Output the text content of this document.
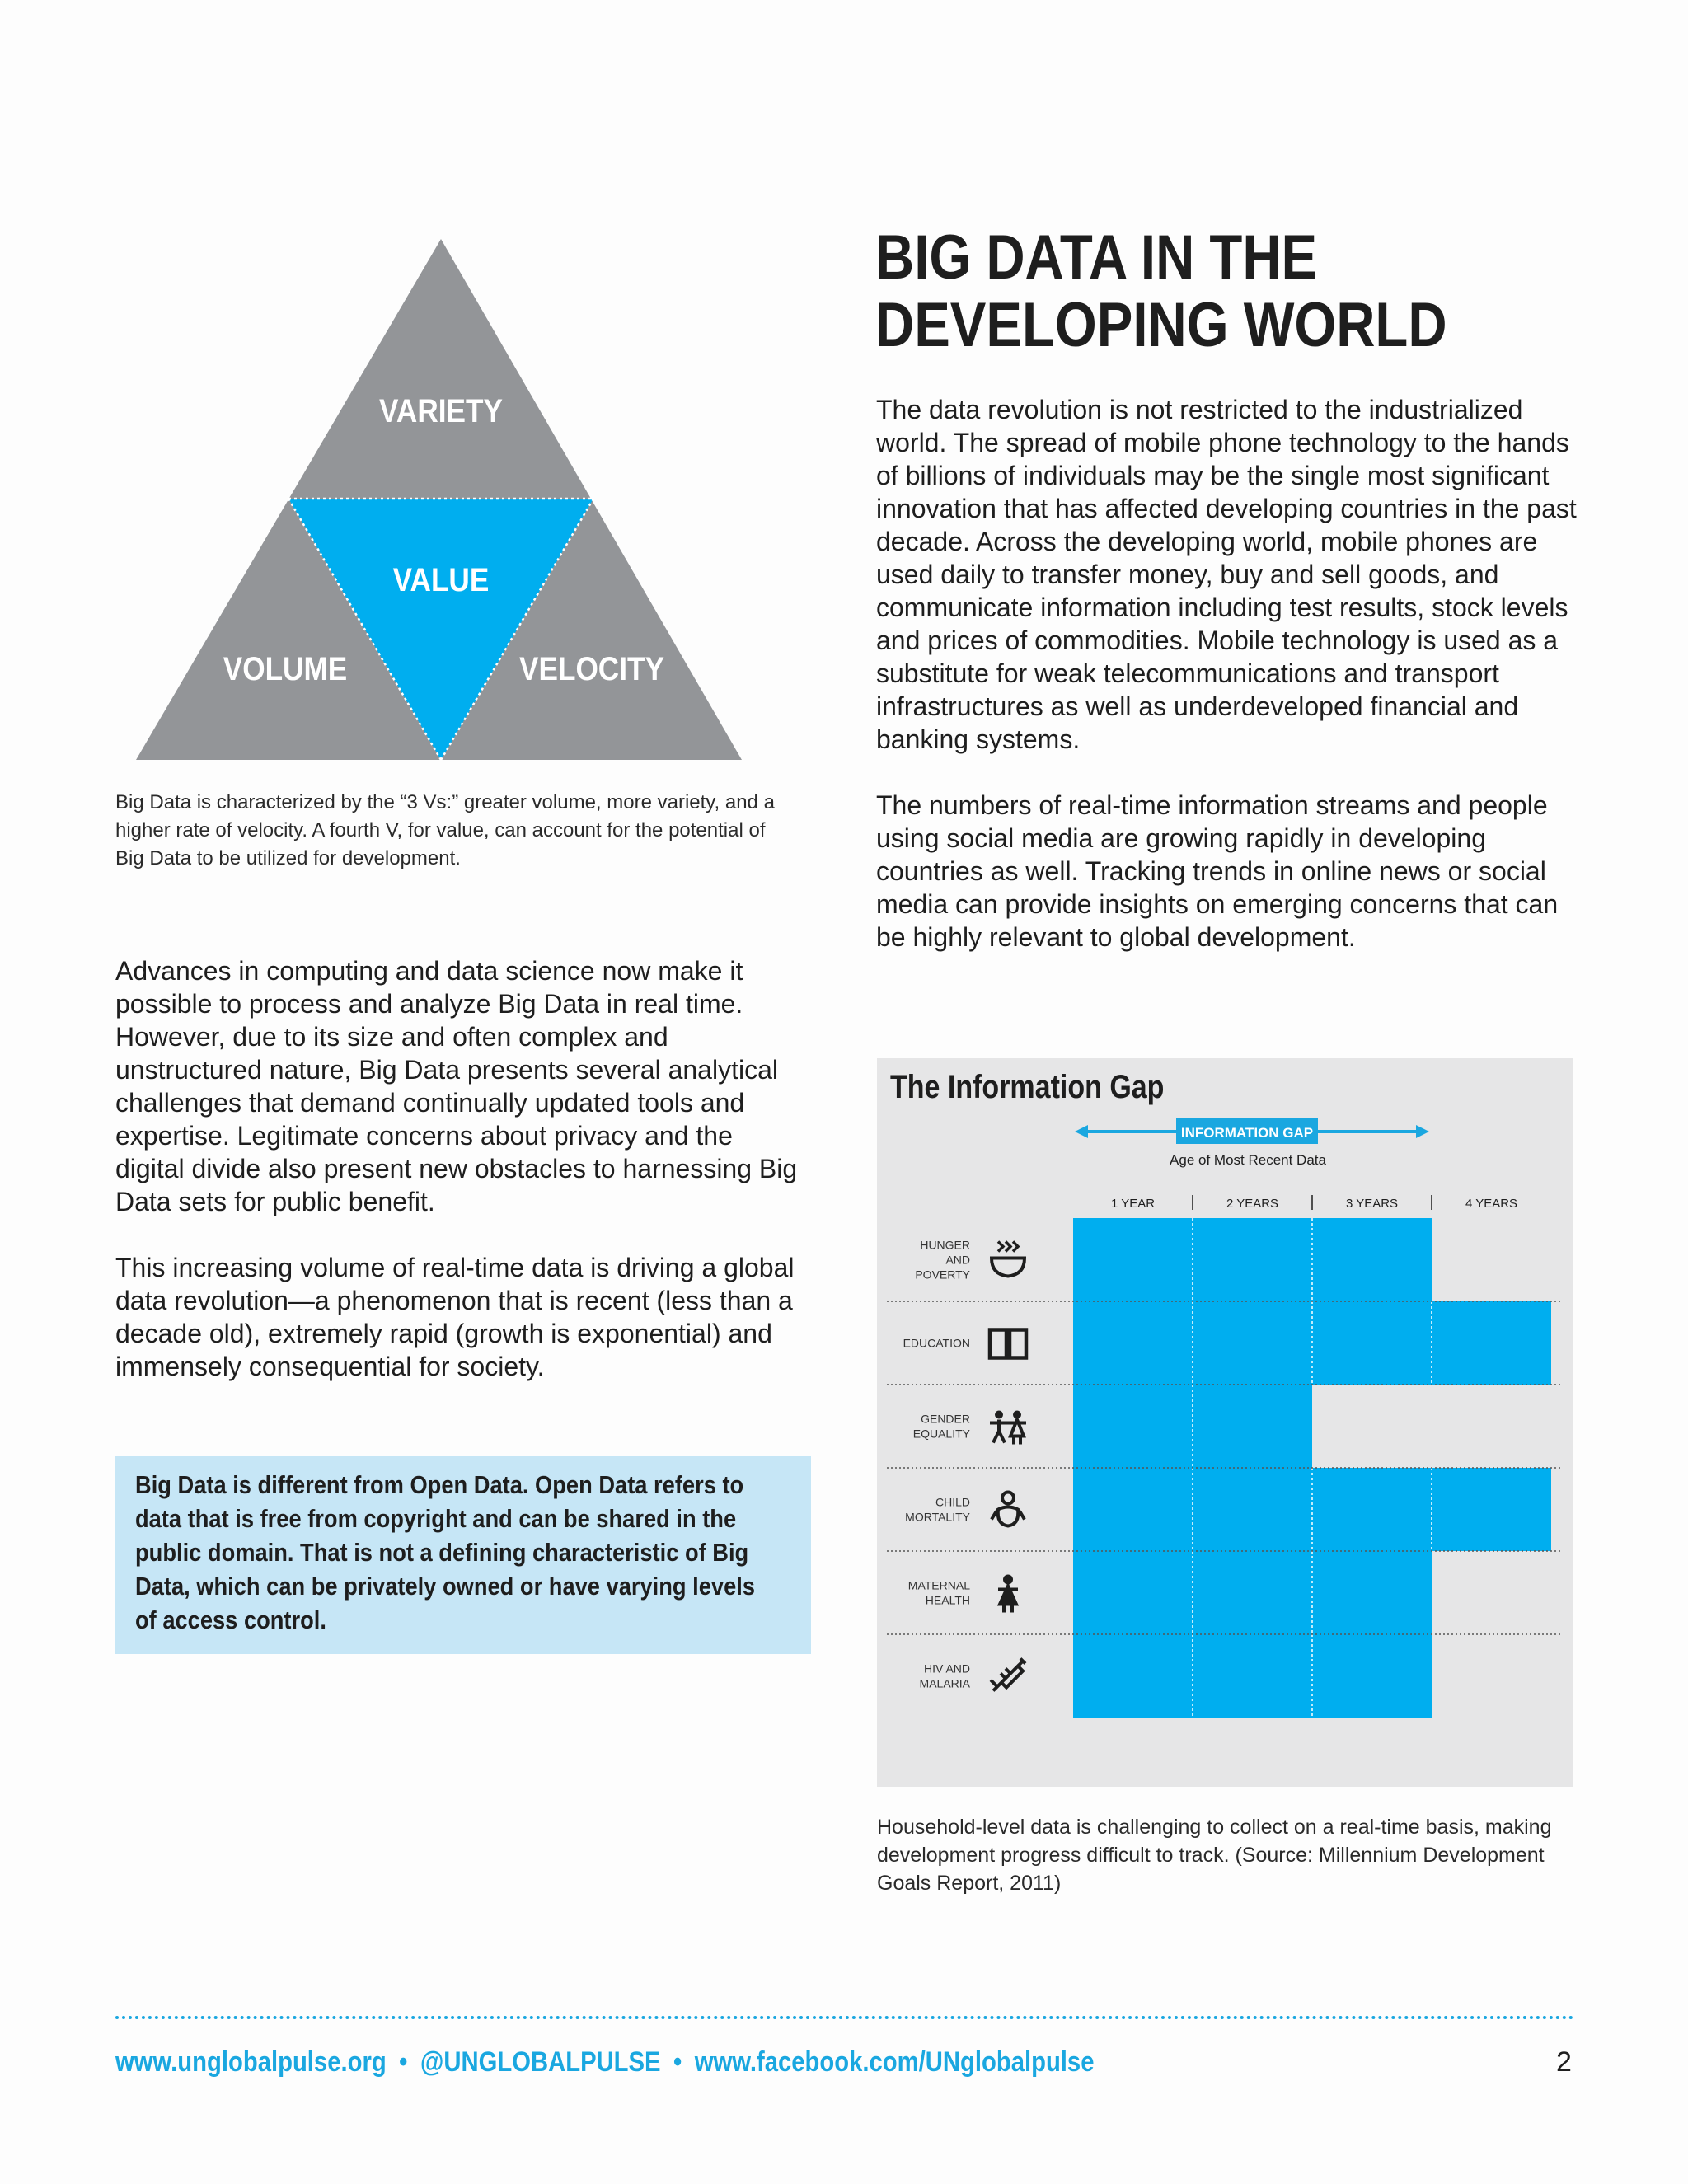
VARIETY
VALUE
VOLUME	VELOCITY
Big Data is characterized by the “3 Vs:” greater volume, more variety, and a higher rate of velocity. A fourth V, for value, can account for the potential of Big Data to be utilized for development.

Advances in computing and data science now make it possible to process and analyze Big Data in real time. However, due to its size and often complex and unstructured nature, Big Data presents several analytical challenges that demand continually updated tools and expertise. Legitimate concerns about privacy and the digital divide also present new obstacles to harnessing Big Data sets for public benefit.

This increasing volume of real-time data is driving a global data revolution—a phenomenon that is recent (less than a decade old), extremely rapid (growth is exponential) and immensely consequential for society.

Big Data is different from Open Data. Open Data refers to data that is free from copyright and can be shared in the public domain. That is not a defining characteristic of Big Data, which can be privately owned or have varying levels of access control.
BIG DATA IN THE
DEVELOPING WORLD

The data revolution is not restricted to the industrialized world. The spread of mobile phone technology to the hands of billions of individuals may be the single most significant innovation that has affected developing countries in the past decade. Across the developing world, mobile phones are used daily to transfer money, buy and sell goods, and communicate information including test results, stock levels and prices of commodities. Mobile technology is used as a substitute for weak telecommunications and transport infrastructures as well as underdeveloped financial and banking systems.

The numbers of real-time information streams and people using social media are growing rapidly in developing countries as well. Tracking trends in online news or social media can provide insights on emerging concerns that can be highly relevant to global development.

The Information Gap
INFORMATION GAP
Age of Most Recent Data
1 YEAR	2 YEARS	3 YEARS	4 YEARS
HUNGER AND POVERTY
EDUCATION
GENDER EQUALITY
CHILD MORTALITY
MATERNAL HEALTH
HIV AND MALARIA
Household-level data is challenging to collect on a real-time basis, making development progress difficult to track. (Source: Millennium Development Goals Report, 2011)
www.unglobalpulse.org • @UNGLOBALPULSE • www.facebook.com/UNglobalpulse	2
